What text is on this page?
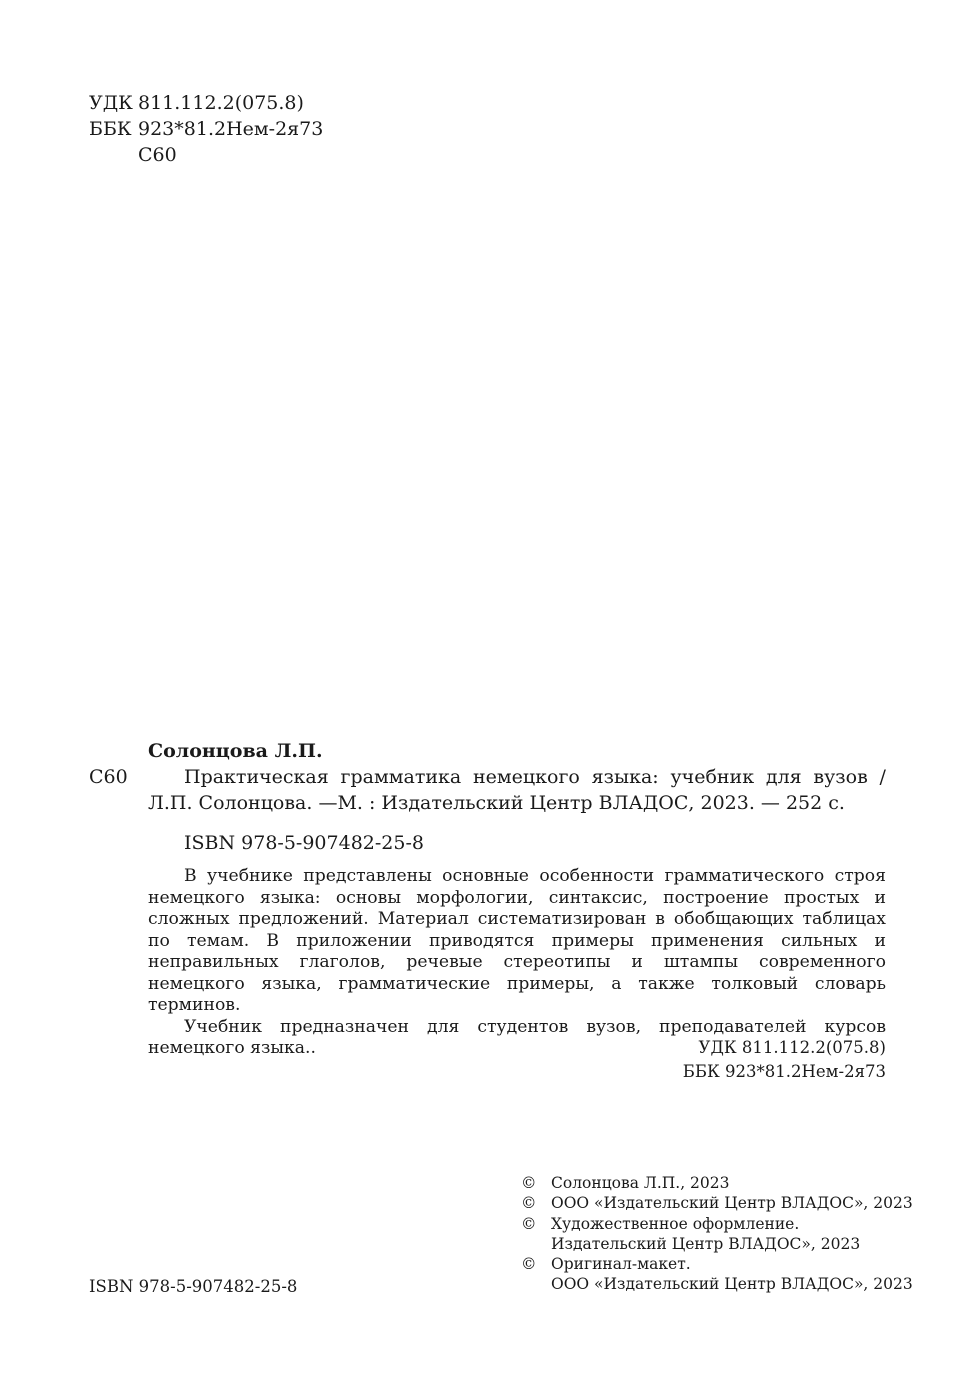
УДК 811.112.2(075.8)
ББК 923*81.2Нем-2я73
С60
Солонцова Л.П.
С60	Практическая грамматика немецкого языка: учебник для вузов /
Л.П. Солонцова. —М. : Издательский Центр ВЛАДОС, 2023. — 252 с.
ISBN 978-5-907482-25-8

В учебнике представлены основные особенности грамматического строя немецкого языка: основы морфологии, синтаксис, построение простых и сложных предложений. Материал систематизирован в обобщающих таблицах по темам. В приложении приводятся примеры применения сильных и неправильных глаголов, речевые стереотипы и штампы современного немецкого языка, грамматические примеры, а также толковый словарь терминов.

Учебник предназначен для студентов вузов, преподавателей курсов немецкого языка..	УДК 811.112.2(075.8)
ББК 923*81.2Нем-2я73
© Солонцова Л.П., 2023
© ООО «Издательский Центр ВЛАДОС», 2023
© Художественное оформление.
Издательский Центр ВЛАДОС», 2023
© Оригинал-макет.
ООО «Издательский Центр ВЛАДОС», 2023
ISBN 978-5-907482-25-8
